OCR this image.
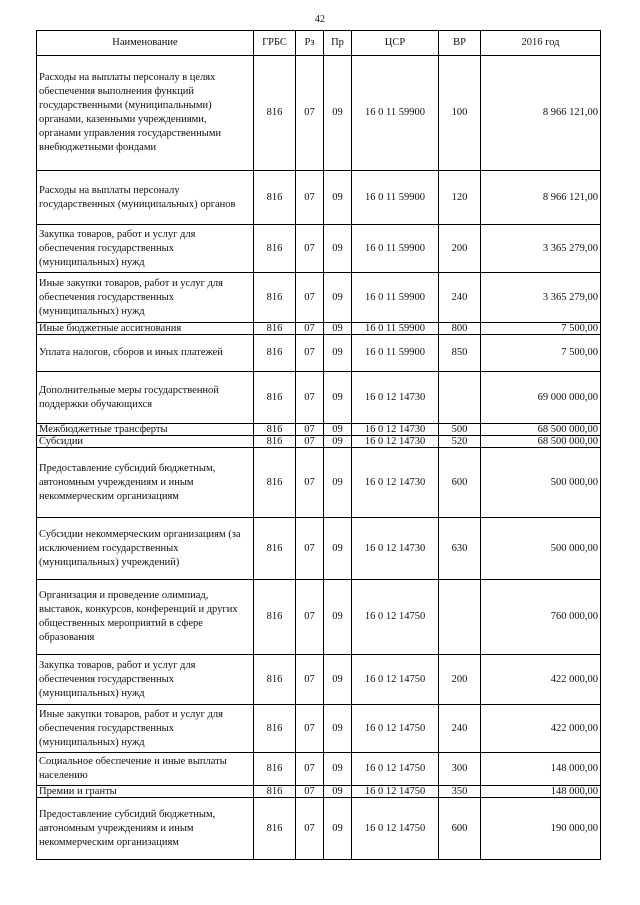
42
Наименование	ГРБС	Рз	Пр	ЦСР	ВР	2016 год
Расходы на выплаты персоналу в целях обеспечения выполнения функций государственными (муниципальными) органами, казенными учреждениями, органами управления государственными внебюджетными фондами	816	07	09	16 0 11 59900	100	8 966 121,00
Расходы на выплаты персоналу государственных (муниципальных) органов	816	07	09	16 0 11 59900	120	8 966 121,00
Закупка товаров, работ и услуг для обеспечения государственных (муниципальных) нужд	816	07	09	16 0 11 59900	200	3 365 279,00
Иные закупки товаров, работ и услуг для обеспечения государственных (муниципальных) нужд	816	07	09	16 0 11 59900	240	3 365 279,00
Иные бюджетные ассигнования	816	07	09	16 0 11 59900	800	7 500,00
Уплата налогов, сборов и иных платежей	816	07	09	16 0 11 59900	850	7 500,00
Дополнительные меры государственной поддержки обучающихся	816	07	09	16 0 12 14730		69 000 000,00
Межбюджетные трансферты	816	07	09	16 0 12 14730	500	68 500 000,00
Субсидии	816	07	09	16 0 12 14730	520	68 500 000,00
Предоставление субсидий бюджетным, автономным учреждениям и иным некоммерческим организациям	816	07	09	16 0 12 14730	600	500 000,00
Субсидии некоммерческим организациям (за исключением государственных (муниципальных) учреждений)	816	07	09	16 0 12 14730	630	500 000,00
Организация и проведение олимпиад, выставок, конкурсов, конференций и других общественных мероприятий в сфере образования	816	07	09	16 0 12 14750		760 000,00
Закупка товаров, работ и услуг для обеспечения государственных (муниципальных) нужд	816	07	09	16 0 12 14750	200	422 000,00
Иные закупки товаров, работ и услуг для обеспечения государственных (муниципальных) нужд	816	07	09	16 0 12 14750	240	422 000,00
Социальное обеспечение и иные выплаты населению	816	07	09	16 0 12 14750	300	148 000,00
Премии и гранты	816	07	09	16 0 12 14750	350	148 000,00
Предоставление субсидий бюджетным, автономным учреждениям и иным некоммерческим организациям	816	07	09	16 0 12 14750	600	190 000,00
